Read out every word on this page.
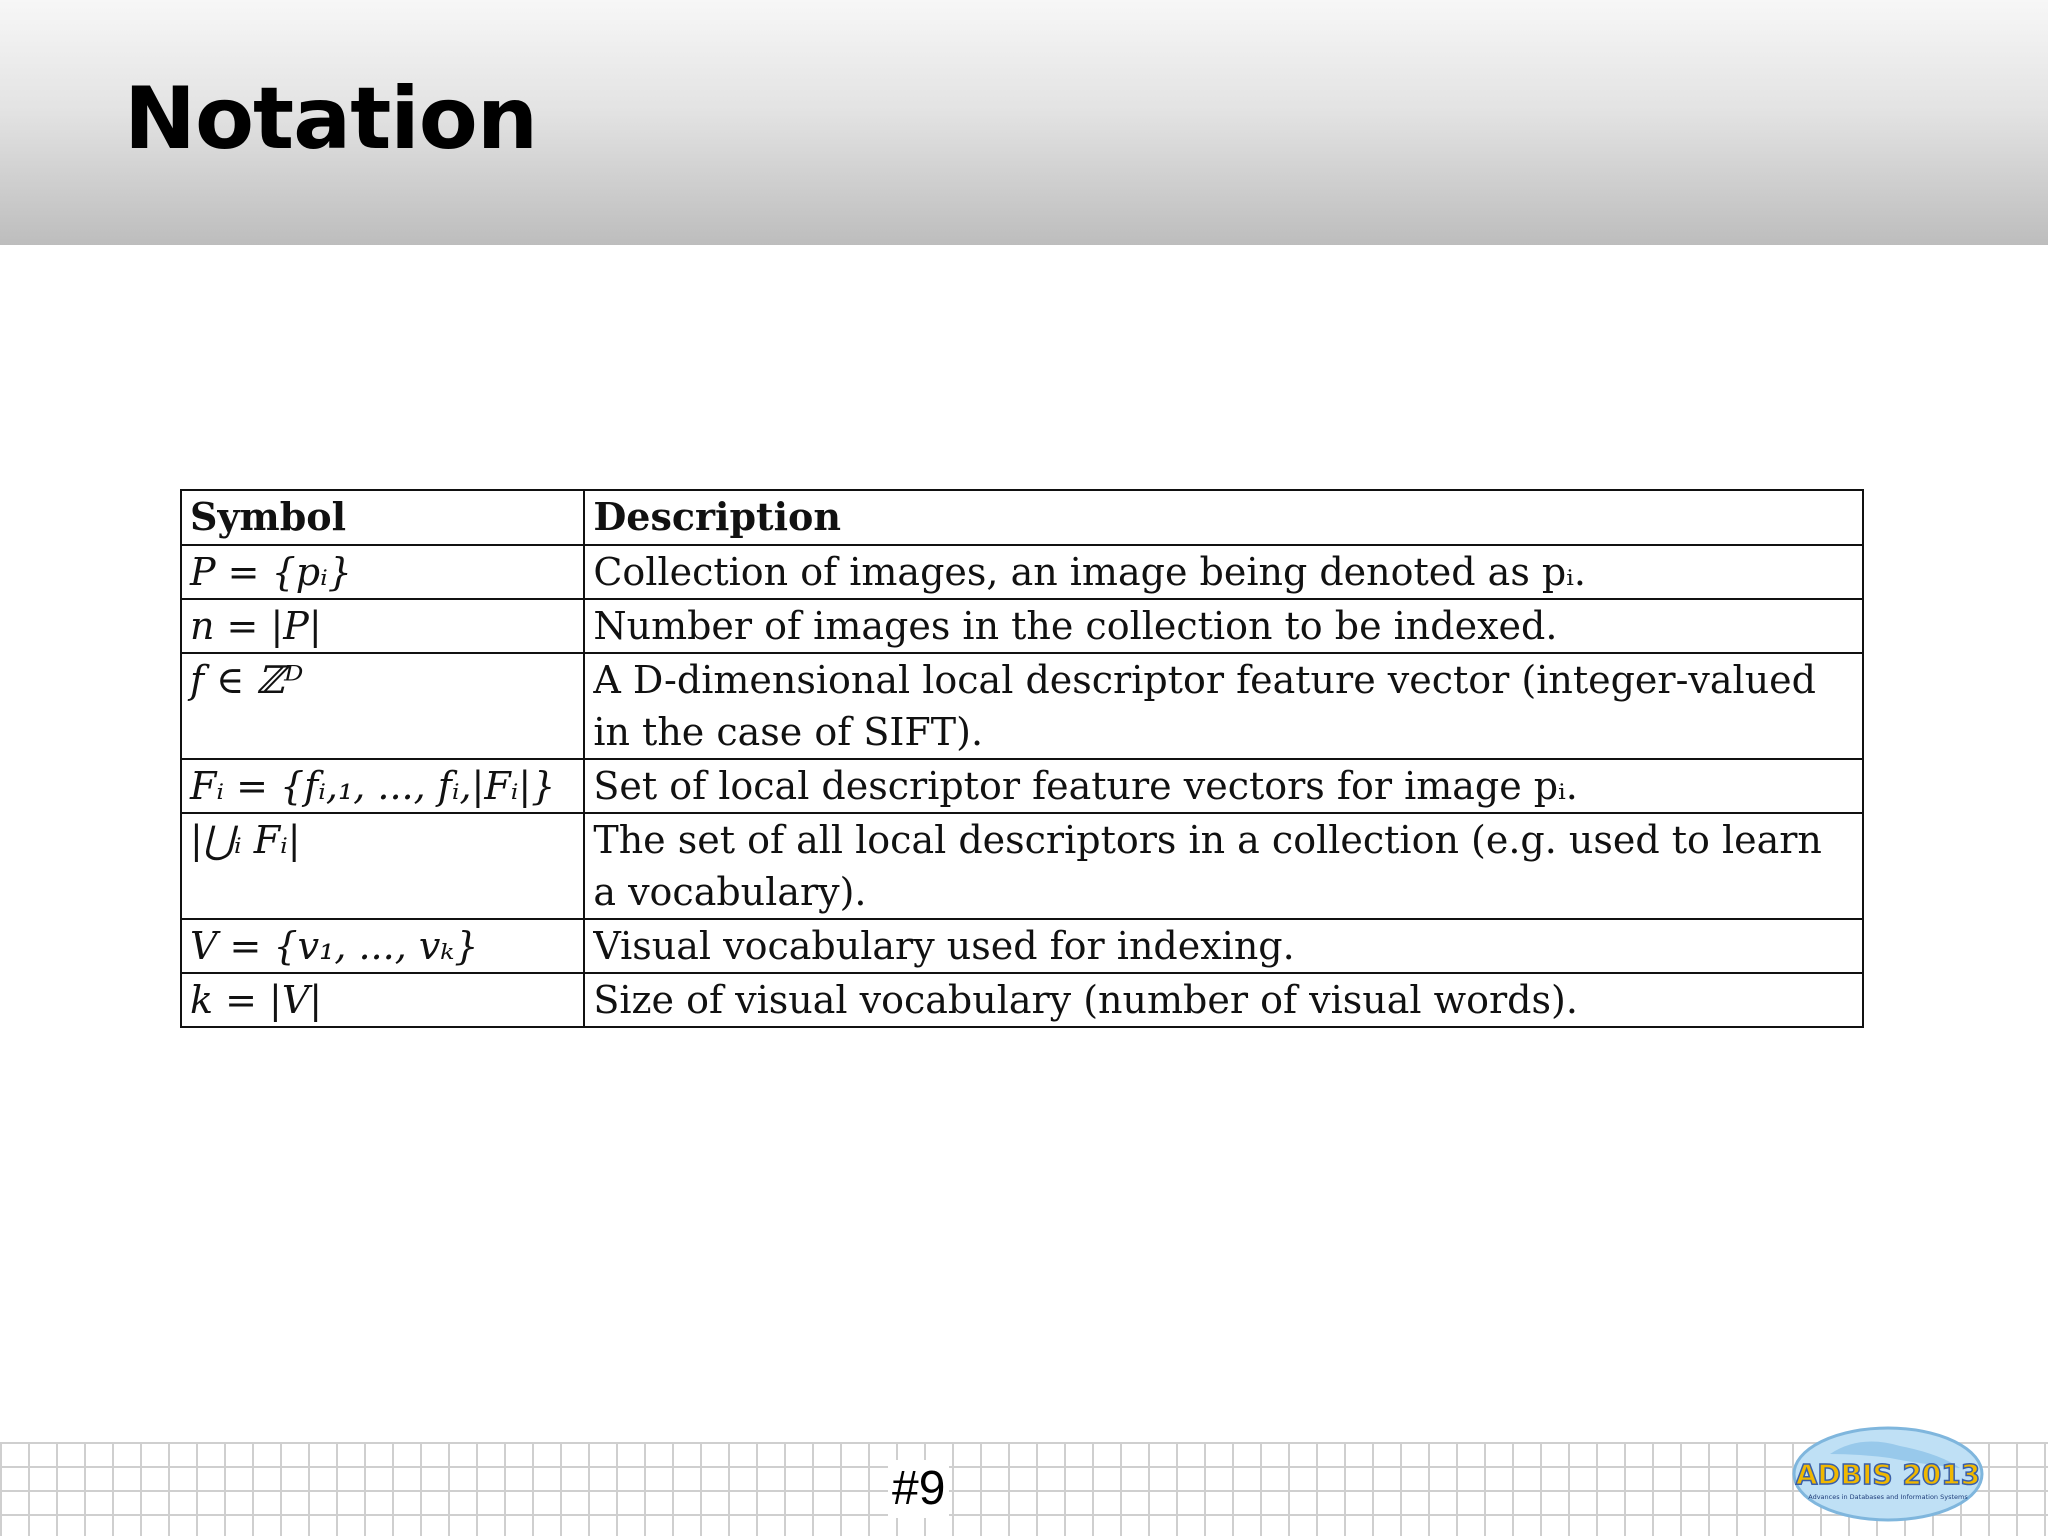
Notation
Symbol	Description
P = {pᵢ}	Collection of images, an image being denoted as pᵢ.
n = |P|	Number of images in the collection to be indexed.
f ∈ ℤᴰ	A D-dimensional local descriptor feature vector (integer-valued in the case of SIFT).
Fᵢ = {fᵢ,₁, ..., fᵢ,|Fᵢ|}	Set of local descriptor feature vectors for image pᵢ.
|⋃ᵢ Fᵢ|	The set of all local descriptors in a collection (e.g. used to learn a vocabulary).
V = {v₁, ..., vₖ}	Visual vocabulary used for indexing.
k = |V|	Size of visual vocabulary (number of visual words).
#9	ADBIS 2013
Advances in Databases and Information Systems
